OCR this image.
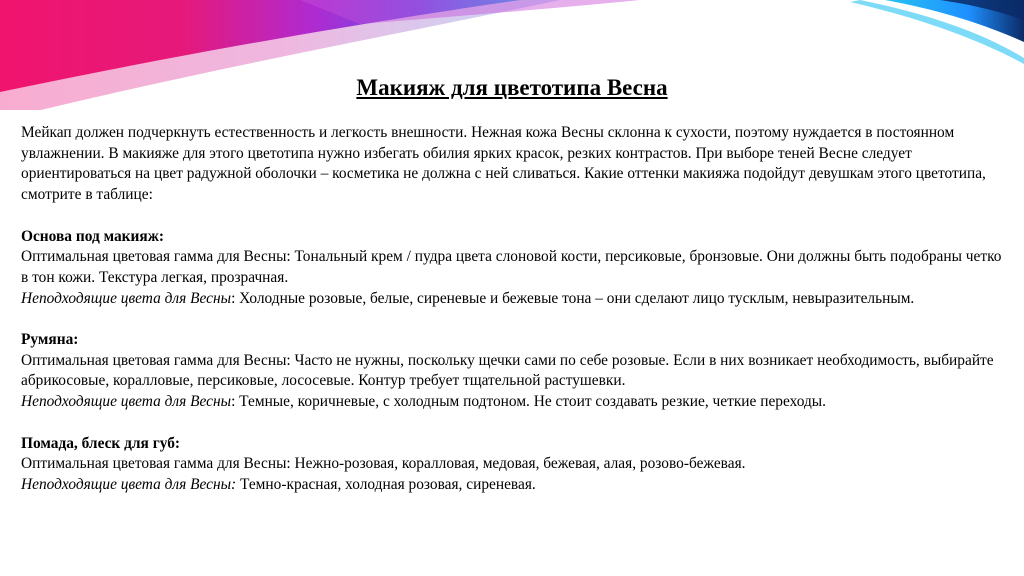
Макияж для цветотипа Весна

Мейкап должен подчеркнуть естественность и легкость внешности. Нежная кожа Весны склонна к сухости, поэтому нуждается в постоянном увлажнении. В макияже для этого цветотипа нужно избегать обилия ярких красок, резких контрастов. При выборе теней Весне следует ориентироваться на цвет радужной оболочки – косметика не должна с ней сливаться. Какие оттенки макияжа подойдут девушкам этого цветотипа, смотрите в таблице:

Основа под макияж:

Оптимальная цветовая гамма для Весны: Тональный крем / пудра цвета слоновой кости, персиковые, бронзовые. Они должны быть подобраны четко в тон кожи. Текстура легкая, прозрачная.

Неподходящие цвета для Весны: Холодные розовые, белые, сиреневые и бежевые тона – они сделают лицо тусклым, невыразительным.

Румяна:

Оптимальная цветовая гамма для Весны: Часто не нужны, поскольку щечки сами по себе розовые. Если в них возникает необходимость, выбирайте абрикосовые, коралловые, персиковые, лососевые. Контур требует тщательной растушевки.

Неподходящие цвета для Весны: Темные, коричневые, с холодным подтоном. Не стоит создавать резкие, четкие переходы.

Помада, блеск для губ:

Оптимальная цветовая гамма для Весны: Нежно-розовая, коралловая, медовая, бежевая, алая, розово-бежевая.

Неподходящие цвета для Весны: Темно-красная, холодная розовая, сиреневая.
